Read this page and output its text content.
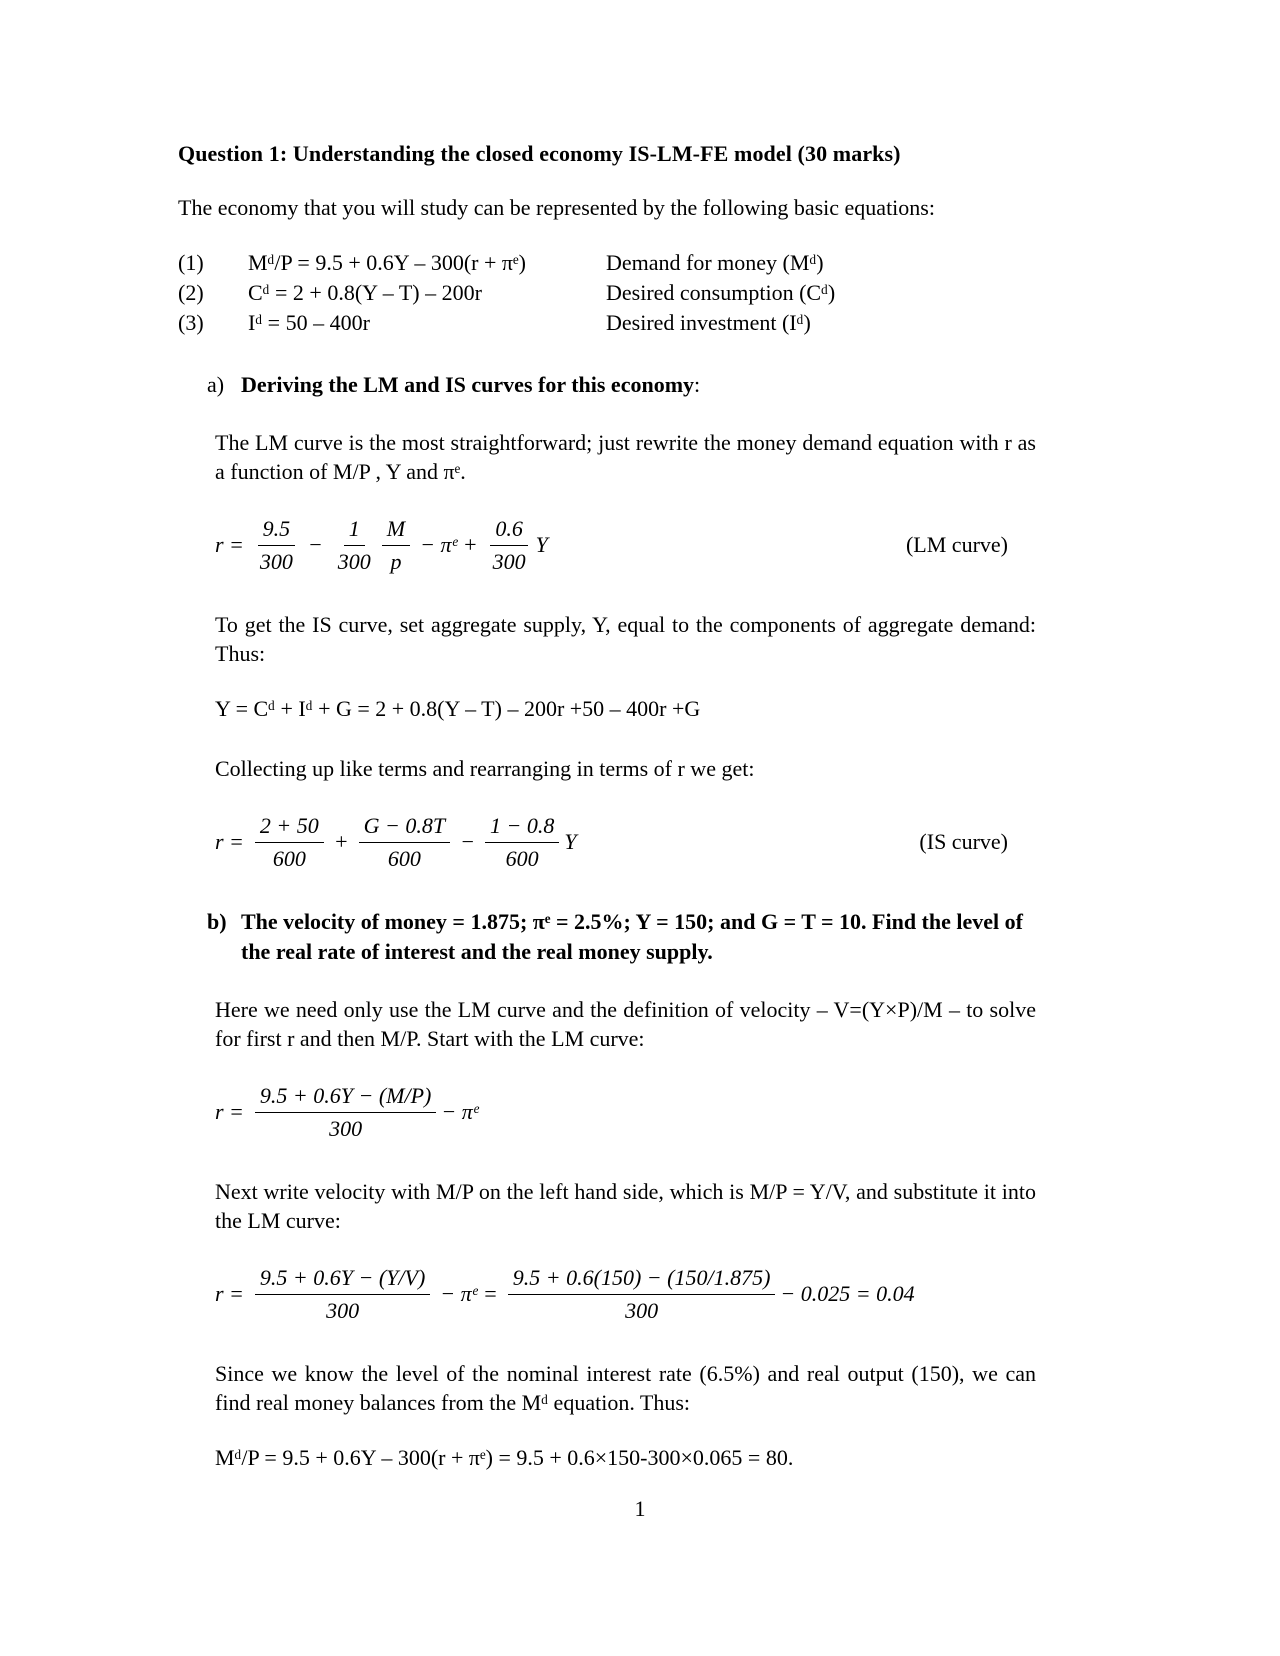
Question 1: Understanding the closed economy IS-LM-FE model (30 marks)

The economy that you will study can be represented by the following basic equations:

(1)	Mᵈ/P = 9.5 + 0.6Y – 300(r + πᵉ)	Demand for money (Mᵈ)
(2)	Cᵈ = 2 + 0.8(Y – T) – 200r	Desired consumption (Cᵈ)
(3)	Iᵈ = 50 – 400r	Desired investment (Iᵈ)
a) Deriving the LM and IS curves for this economy:

The LM curve is the most straightforward; just rewrite the money demand equation with r as a function of M/P , Y and πᵉ.

$r = \frac{9.5}{300} - \frac{1}{300} \frac{M}{p}$ − πᵉ + $\frac{0.6}{300}$ Y	(LM curve)

To get the IS curve, set aggregate supply, Y, equal to the components of aggregate demand: Thus:

Y = Cᵈ + Iᵈ + G = 2 + 0.8(Y – T) – 200r +50 – 400r +G

Collecting up like terms and rearranging in terms of r we get:

$r = \frac{2 + 50}{600} + \frac{G - 0.8T}{600} - \frac{1 - 0.8}{600}$ Y	(IS curve)
b) The velocity of money = 1.875; πᵉ = 2.5%; Y = 150; and G = T = 10. Find the level of the real rate of interest and the real money supply.

Here we need only use the LM curve and the definition of velocity – V=(Y×P)/M – to solve for first r and then M/P. Start with the LM curve:

$r = \frac{9.5 + 0.6Y - (M/P)}{300}$ − πᵉ

Next write velocity with M/P on the left hand side, which is M/P = Y/V, and substitute it into the LM curve:

$r = \frac{9.5 + 0.6Y - (Y/V)}{300}$ − πᵉ = $\frac{9.5 + 0.6(150) - (150/1.875)}{300} - 0.025 = 0.04$

Since we know the level of the nominal interest rate (6.5%) and real output (150), we can find real money balances from the Mᵈ equation. Thus:

Mᵈ/P = 9.5 + 0.6Y – 300(r + πᵉ) = 9.5 + 0.6×150-300×0.065 = 80.

1
